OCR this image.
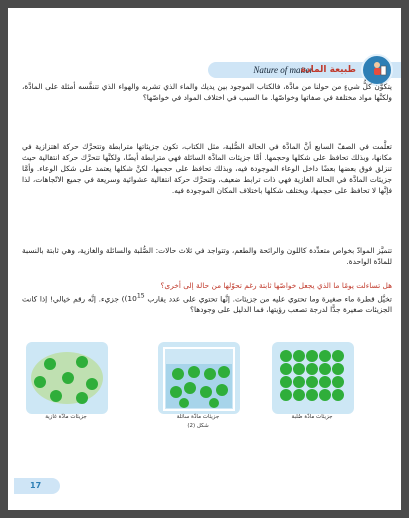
Nature of matter
طبيعة المادة
يتكوَّن كلُّ شيءٍ من حولنا من مادَّة، فالكتاب الموجود بين يديك والماء الذي تشربه والهواء الذي تتنفَّسه أمثلة على المادَّة، ولكنَّها مواد مختلفة في صفاتها وخواصّها. ما السبب في اختلاف المواد في خواصّها؟
تعلَّمت في الصفّ السابع أنَّ المادَّة في الحالة الصُّلبة، مثل الكتاب، تكون جزيئاتها مترابطة وتتحرَّك حركة اهتزازية في مكانها، وبذلك تحافظ على شكلها وحجمها. أمَّا جزيئات المادَّة السائلة فهي مترابطة أيضًا، ولكنَّها تتحرَّك حركة انتقالية حيث تنزلق فوق بعضها بعضًا داخل الوعاء الموجودة فيه، وبذلك تحافظ على حجمها، لكنَّ شكلها يعتمد على شكل الوعاء. وأمَّا جزيئات المادَّة في الحالة الغازية فهي ذات ترابط ضعيف، وتتحرَّك حركة انتقالية عشوائية وسريعة في جميع الاتّجاهات، لذا فإنَّها لا تحافظ على حجمها، ويختلف شكلها باختلاف المكان الموجودة فيه.
تتميَّز الموادّ بخواص متعدِّدة كاللون والرائحة والطعم، وتتواجد في ثلاث حالات: الصُّلبة والسائلة والغازية، وهي ثابتة بالنسبة للمادّة الواحدة.
هل تساءلت يومًا ما الذي يجعل خواصّها ثابتة رغم تحوّلها من حالة إلى أخرى؟
تخيَّل قطرة ماء صغيرة وما تحتوي عليه من جزيئات. إنَّها تحتوي على عدد يقارب $(10^{15})$ جزيء. إنَّه رقم خيالي! إذا كانت الجزيئات صغيرة جدًّا لدرجة تصعب رؤيتها، فما الدليل على وجودها؟
جزيئات مادّة غازية	جزيئات مادّة سائلة	جزيئات مادّة صُلبة
شكل (2)
17
